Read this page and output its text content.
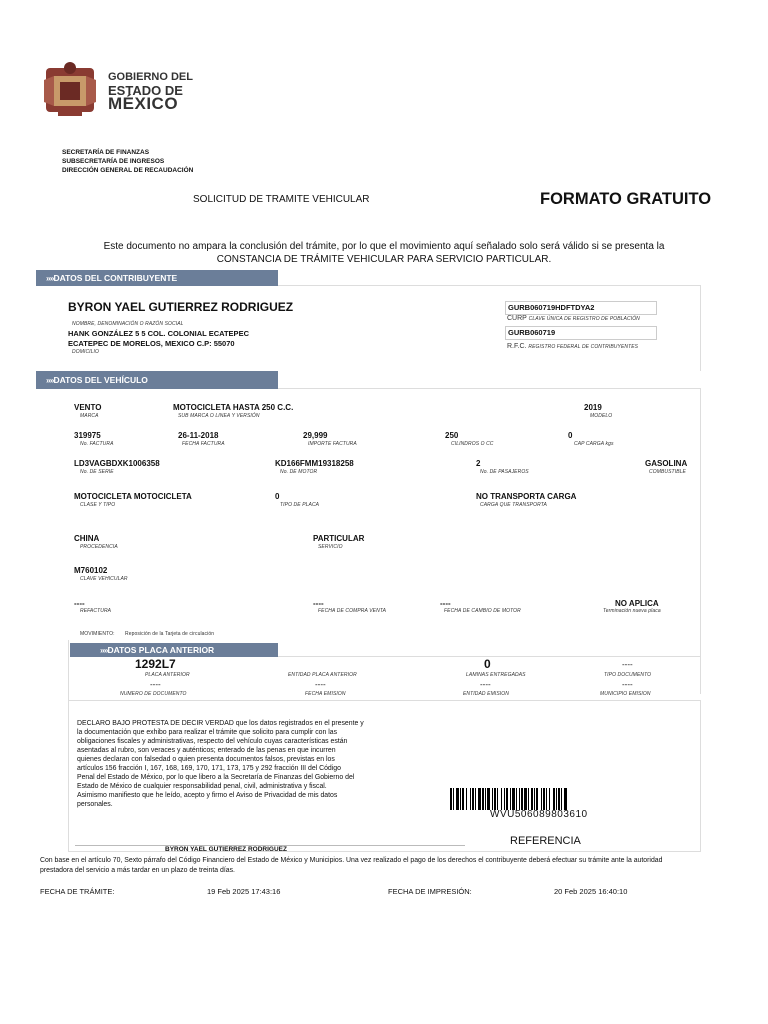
GOBIERNO DEL
ESTADO DE
MÉXICO
SECRETARÍA DE FINANZAS
SUBSECRETARÍA DE INGRESOS
DIRECCIÓN GENERAL DE RECAUDACIÓN
SOLICITUD DE TRAMITE VEHICULAR	FORMATO GRATUITO
Este documento no ampara la conclusión del trámite, por lo que el movimiento aquí señalado solo será válido si se presenta la
CONSTANCIA DE TRÁMITE VEHICULAR PARA SERVICIO PARTICULAR.
»» DATOS DEL CONTRIBUYENTE
BYRON YAEL GUTIERREZ RODRIGUEZ
NOMBRE, DENOMINACIÓN O RAZÓN SOCIAL
HANK GONZÁLEZ 5 5 COL. COLONIAL ECATEPEC
ECATEPEC DE MORELOS, MEXICO C.P: 55070
DOMICILIO
GURB060719HDFTDYA2
CURP CLAVE ÚNICA DE REGISTRO DE POBLACIÓN
GURB060719
R.F.C. REGISTRO FEDERAL DE CONTRIBUYENTES
»» DATOS DEL VEHÍCULO
VENTO
MARCA
MOTOCICLETA HASTA 250 C.C.
SUB MARCA O LINEA Y VERSIÓN
2019
MODELO
319975
No. FACTURA
26-11-2018
FECHA FACTURA
29,999
IMPORTE FACTURA
250
CILINDROS O CC
0
CAP CARGA kgs
LD3VAGBDXK1006358
No. DE SERIE
KD166FMM19318258
No. DE MOTOR
2
No. DE PASAJEROS
GASOLINA
COMBUSTIBLE
MOTOCICLETA MOTOCICLETA
CLASE Y TIPO
0
TIPO DE PLACA
NO TRANSPORTA CARGA
CARGA QUE TRANSPORTA
CHINA
PROCEDENCIA
PARTICULAR
SERVICIO
M760102
CLAVE VEHICULAR
----
REFACTURA
----
FECHA DE COMPRA VENTA
----
FECHA DE CAMBIO DE MOTOR
NO APLICA
Terminación nueva placa
MOVIMIENTO: Reposición de la Tarjeta de circulación
»» DATOS PLACA ANTERIOR
1292L7
PLACA ANTERIOR	ENTIDAD PLACA ANTERIOR
0
LAMINAS ENTREGADAS
----
TIPO DOCUMENTO
----
NUMERO DE DOCUMENTO
----
FECHA EMISION
----
ENTIDAD EMISION
----
MUNICIPIO EMISION
DECLARO BAJO PROTESTA DE DECIR VERDAD que los datos registrados en el presente y
la documentación que exhibo para realizar el trámite que solicito para cumplir con las
obligaciones fiscales y administrativas, respecto del vehículo cuyas características están
asentadas al rubro, son veraces y auténticos; enterado de las penas en que incurren
quienes declaran con falsedad o quien presenta documentos falsos, previstas en los
artículos 156 fracción I, 167, 168, 169, 170, 171, 173, 175 y 292 fracción III del Código
Penal del Estado de México, por lo que libero a la Secretaría de Finanzas del Gobierno del
Estado de México de cualquier responsabilidad penal, civil, administrativa y fiscal.
Asimismo manifiesto que he leído, acepto y firmo el Aviso de Privacidad de mis datos
personales.
WVU506089803610
REFERENCIA
BYRON YAEL GUTIERREZ RODRIGUEZ
Con base en el artículo 70, Sexto párrafo del Código Financiero del Estado de México y Municipios. Una vez realizado el pago de los derechos el contribuyente deberá efectuar su trámite ante la autoridad
prestadora del servicio a más tardar en un plazo de treinta días.
FECHA DE TRÁMITE:	19 Feb 2025 17:43:16	FECHA DE IMPRESIÓN:	20 Feb 2025 16:40:10
